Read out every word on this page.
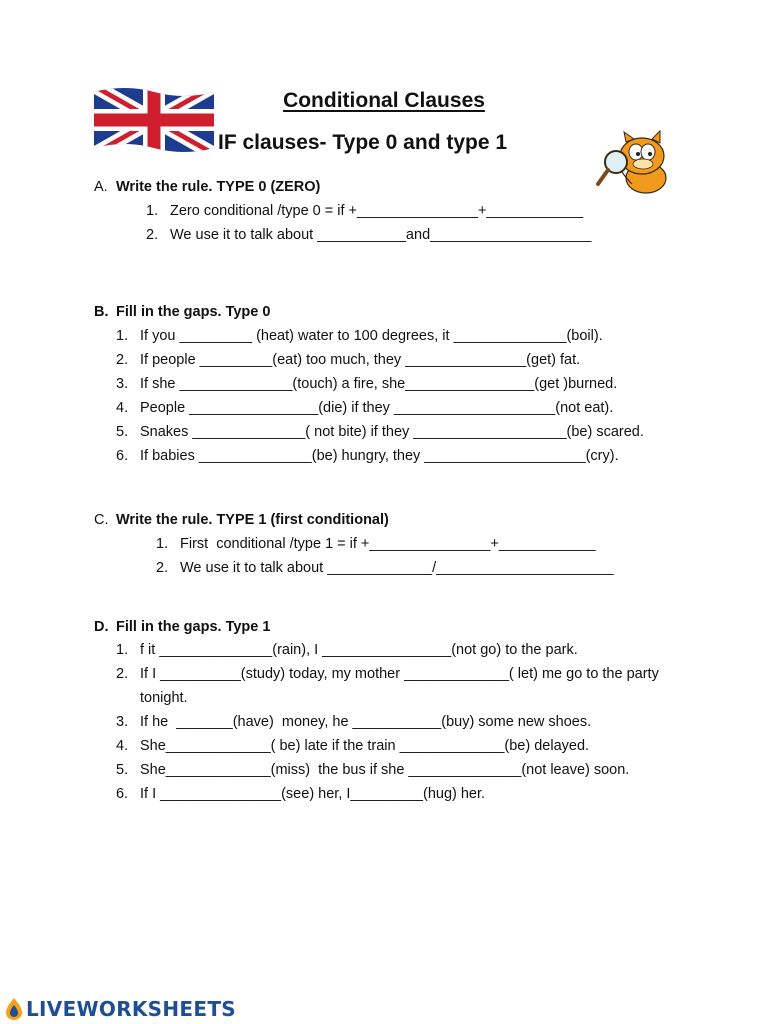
Conditional Clauses
IF clauses- Type 0 and type 1
A. Write the rule. TYPE 0 (ZERO)
1. Zero conditional /type 0 = if +_______________+____________
2. We use it to talk about ___________and____________________
B. Fill in the gaps. Type 0
1. If you _________ (heat) water to 100 degrees, it ______________(boil).
2. If people _________(eat) too much, they _______________(get) fat.
3. If she ______________(touch) a fire, she________________(get )burned.
4. People ________________(die) if they ____________________(not eat).
5. Snakes ______________( not bite) if they ___________________(be) scared.
6. If babies ______________(be) hungry, they ____________________(cry).
C. Write the rule. TYPE 1 (first conditional)
1. First  conditional /type 1 = if +_______________+____________
2. We use it to talk about _____________/______________________
D. Fill in the gaps. Type 1
1. f it ______________(rain), I ________________(not go) to the park.
2. If I __________(study) today, my mother _____________( let) me go to the party tonight.
3. If he  _______(have)  money, he ___________(buy) some new shoes.
4. She_____________( be) late if the train _____________(be) delayed.
5. She_____________(miss)  the bus if she ______________(not leave) soon.
6. If I _______________(see) her, I_________(hug) her.
LIVEWORKSHEETS
